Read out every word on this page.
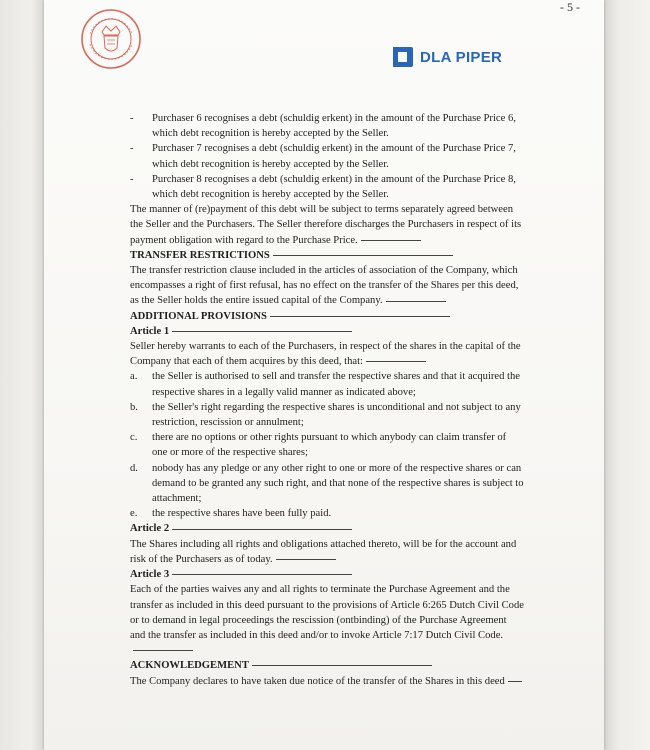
- 5 -
DLA PIPER
-	Purchaser 6 recognises a debt (schuldig erkent) in the amount of the Purchase Price 6, which debt recognition is hereby accepted by the Seller.
-	Purchaser 7 recognises a debt (schuldig erkent) in the amount of the Purchase Price 7, which debt recognition is hereby accepted by the Seller.
-	Purchaser 8 recognises a debt (schuldig erkent) in the amount of the Purchase Price 8, which debt recognition is hereby accepted by the Seller.
The manner of (re)payment of this debt will be subject to terms separately agreed between the Seller and the Purchasers. The Seller therefore discharges the Purchasers in respect of its payment obligation with regard to the Purchase Price.
TRANSFER RESTRICTIONS
The transfer restriction clause included in the articles of association of the Company, which encompasses a right of first refusal, has no effect on the transfer of the Shares per this deed, as the Seller holds the entire issued capital of the Company.
ADDITIONAL PROVISIONS
Article 1
Seller hereby warrants to each of the Purchasers, in respect of the shares in the capital of the Company that each of them acquires by this deed, that:
a.	the Seller is authorised to sell and transfer the respective shares and that it acquired the respective shares in a legally valid manner as indicated above;
b.	the Seller's right regarding the respective shares is unconditional and not subject to any restriction, rescission or annulment;
c.	there are no options or other rights pursuant to which anybody can claim transfer of one or more of the respective shares;
d.	nobody has any pledge or any other right to one or more of the respective shares or can demand to be granted any such right, and that none of the respective shares is subject to attachment;
e.	the respective shares have been fully paid.
Article 2
The Shares including all rights and obligations attached thereto, will be for the account and risk of the Purchasers as of today.
Article 3
Each of the parties waives any and all rights to terminate the Purchase Agreement and the transfer as included in this deed pursuant to the provisions of Article 6:265 Dutch Civil Code or to demand in legal proceedings the rescission (ontbinding) of the Purchase Agreement and the transfer as included in this deed and/or to invoke Article 7:17 Dutch Civil Code.
ACKNOWLEDGEMENT
The Company declares to have taken due notice of the transfer of the Shares in this deed
